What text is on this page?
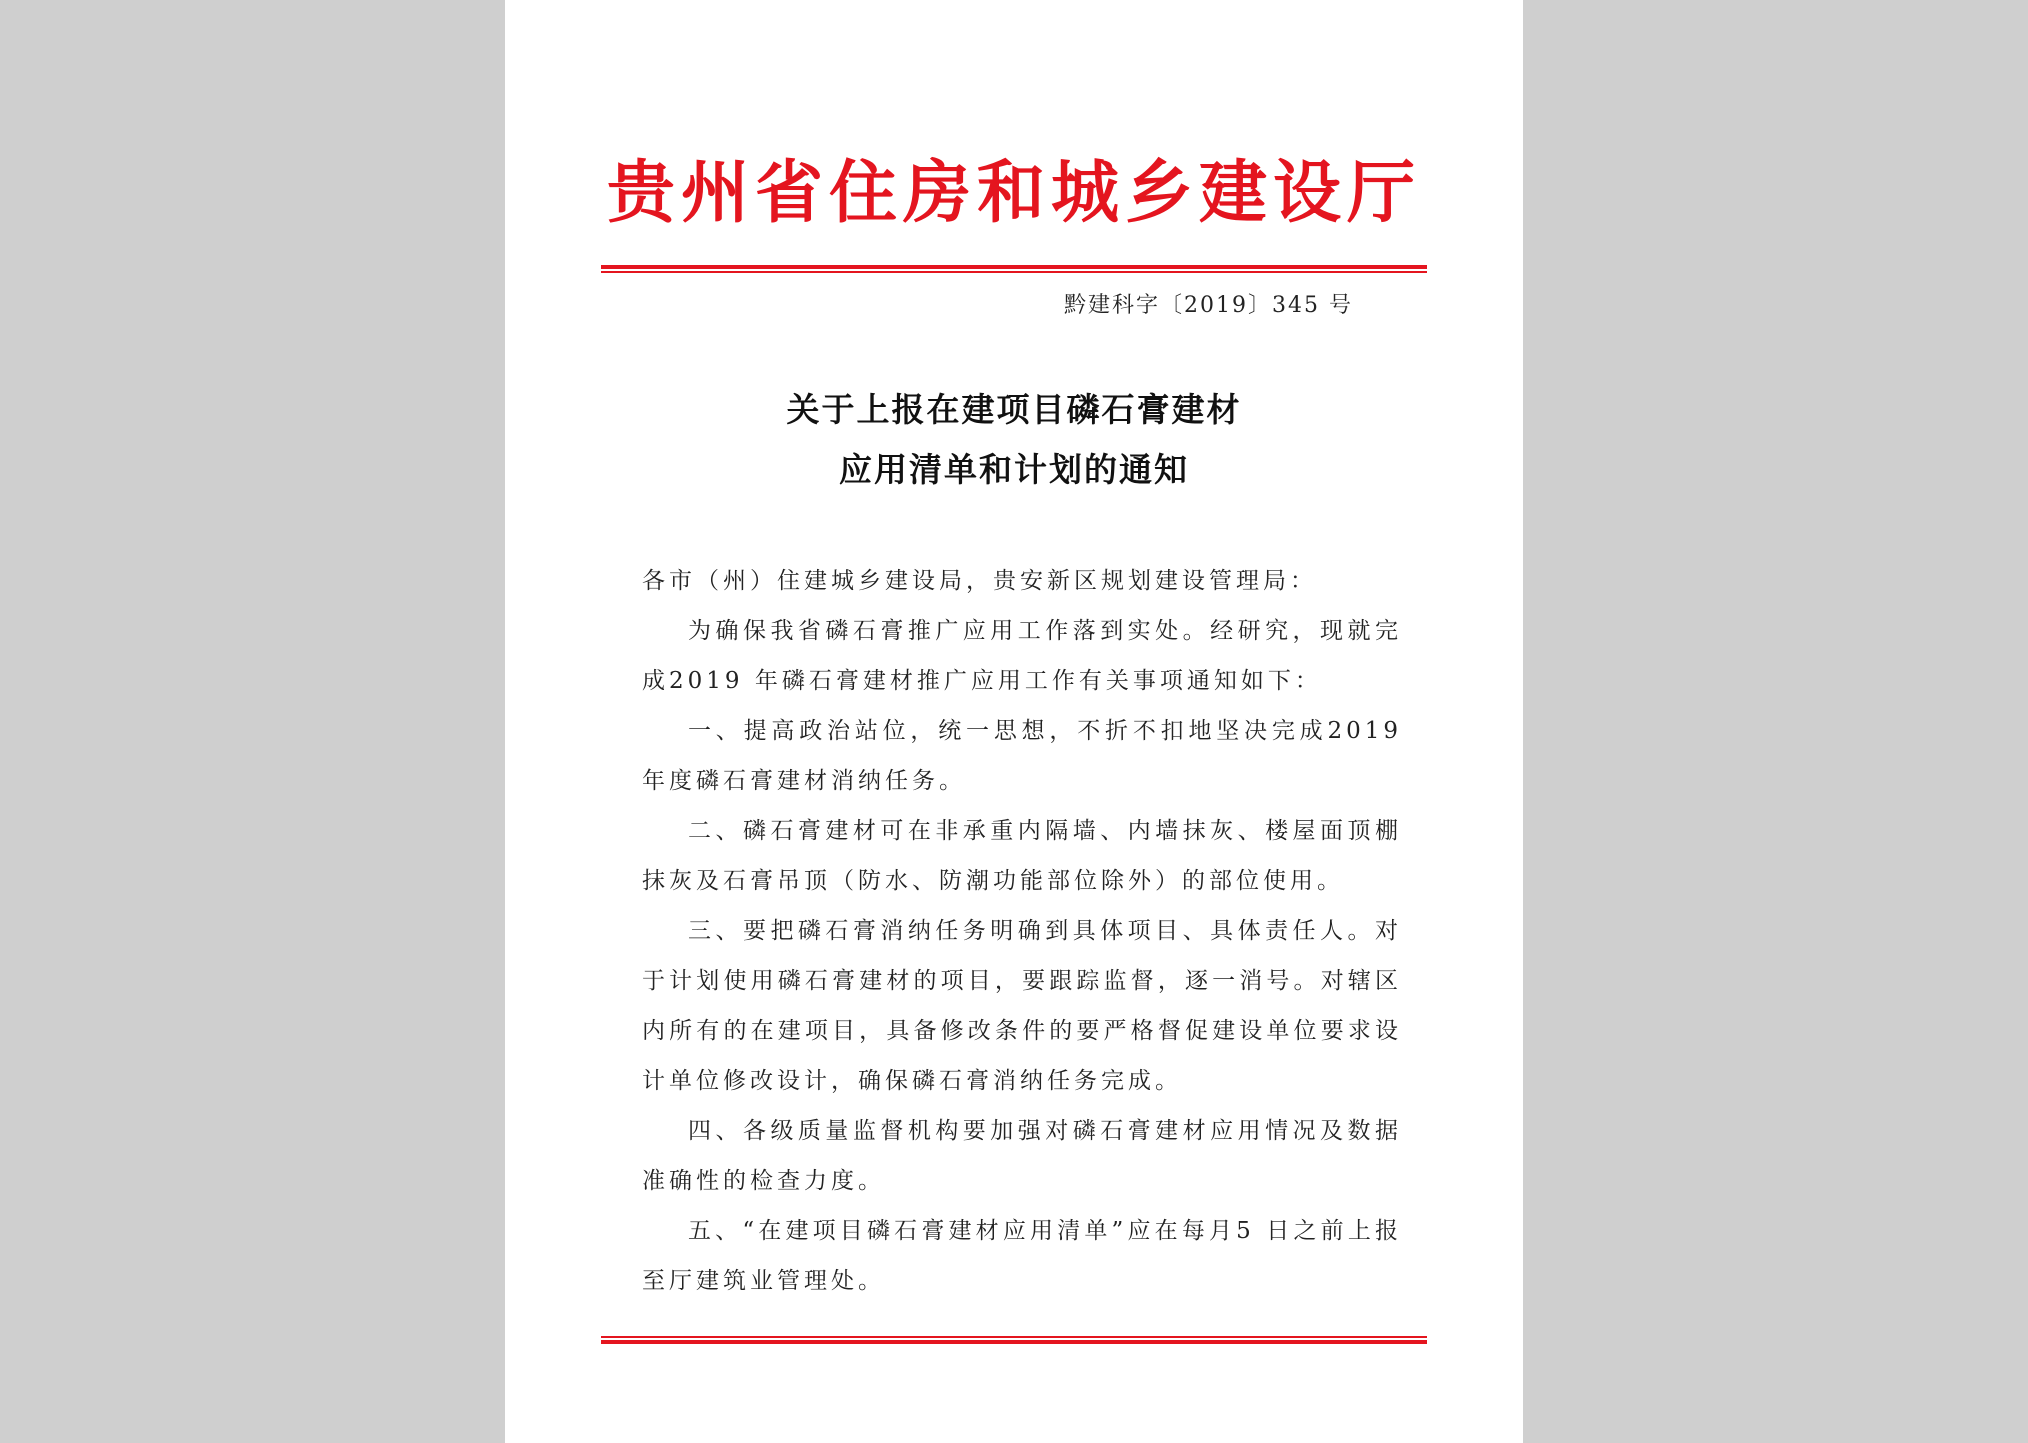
贵州省住房和城乡建设厅
黔建科字〔2019〕345 号
关于上报在建项目磷石膏建材
应用清单和计划的通知

各市（州）住建城乡建设局，贵安新区规划建设管理局：

为确保我省磷石膏推广应用工作落到实处。经研究，现就完成2019 年磷石膏建材推广应用工作有关事项通知如下：

一、提高政治站位，统一思想，不折不扣地坚决完成2019 年度磷石膏建材消纳任务。

二、磷石膏建材可在非承重内隔墙、内墙抹灰、楼屋面顶棚抹灰及石膏吊顶（防水、防潮功能部位除外）的部位使用。

三、要把磷石膏消纳任务明确到具体项目、具体责任人。对于计划使用磷石膏建材的项目，要跟踪监督，逐一消号。对辖区内所有的在建项目，具备修改条件的要严格督促建设单位要求设计单位修改设计，确保磷石膏消纳任务完成。

四、各级质量监督机构要加强对磷石膏建材应用情况及数据准确性的检查力度。

五、“在建项目磷石膏建材应用清单”应在每月5 日之前上报至厅建筑业管理处。
